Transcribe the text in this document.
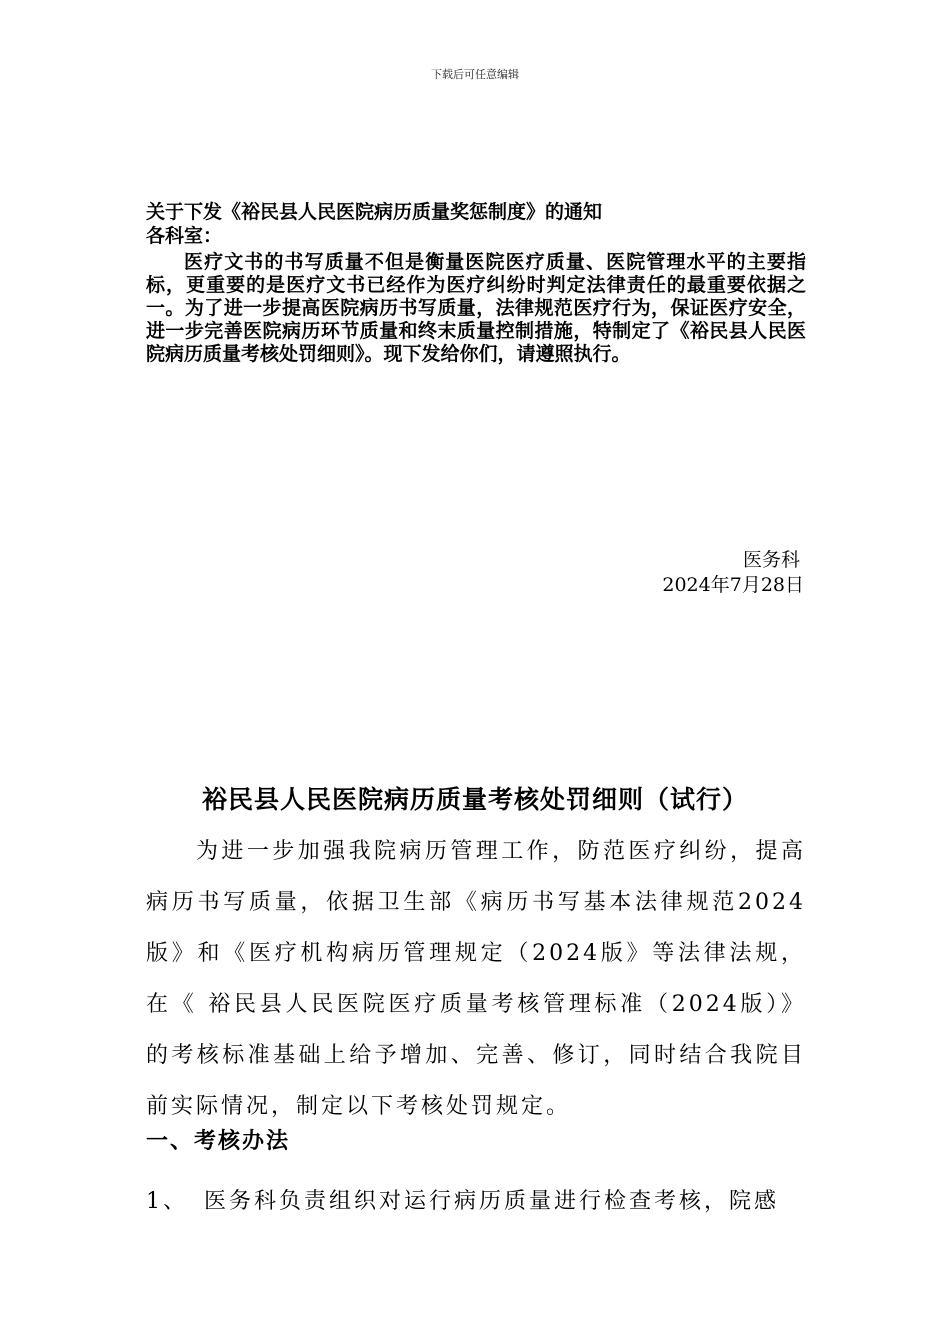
下载后可任意编辑
关于下发《裕民县人民医院病历质量奖惩制度》的通知
各科室：
医疗文书的书写质量不但是衡量医院医疗质量、医院管理水平的主要指标，更重要的是医疗文书已经作为医疗纠纷时判定法律责任的最重要依据之一。为了进一步提高医院病历书写质量，法律规范医疗行为，保证医疗安全，进一步完善医院病历环节质量和终末质量控制措施，特制定了《裕民县人民医院病历质量考核处罚细则》。现下发给你们，请遵照执行。
医务科
2024年7月28日
裕民县人民医院病历质量考核处罚细则（试行）
为进一步加强我院病历管理工作，防范医疗纠纷，提高病历书写质量，依据卫生部《病历书写基本法律规范2024版》和《医疗机构病历管理规定（2024版》等法律法规，在《 裕民县人民医院医疗质量考核管理标准（2024版）》的考核标准基础上给予增加、完善、修订，同时结合我院目前实际情况，制定以下考核处罚规定。
一、考核办法
1、 医务科负责组织对运行病历质量进行检查考核，院感
